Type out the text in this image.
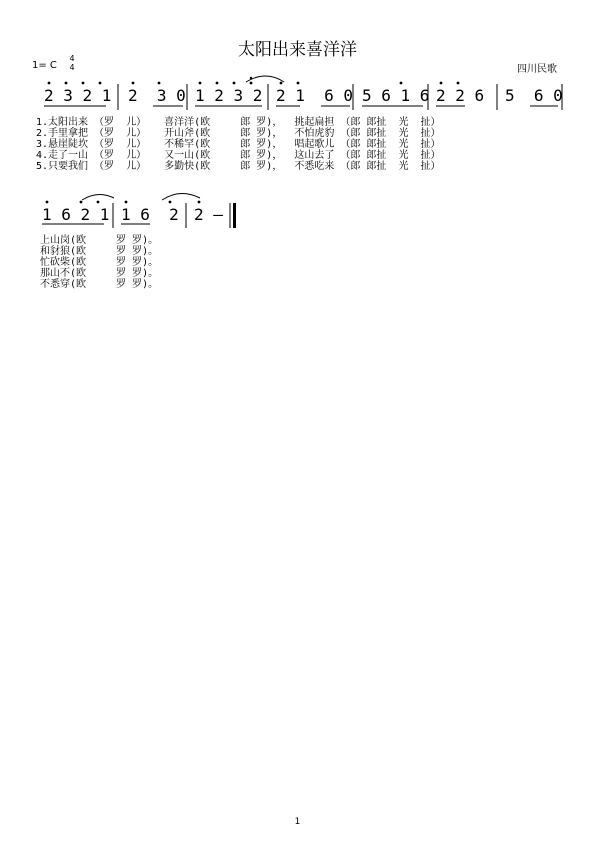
太阳出来喜洋洋
1= C
4
4	四川民歌
2 3 2 1 2  3 0 1 2 3 2 2 1  6 0 5 6 1 6 2 2 6 5  6 0
1.太阳出来 （罗  儿）   喜洋洋(欧     郎 罗)，  挑起扁担 （郎 郎扯  光  扯）
2.手里拿把 （罗  儿）   开山斧(欧     郎 罗)，  不怕虎豹 （郎 郎扯  光  扯）
3.悬崖陡坎 （罗  儿）   不稀罕(欧     郎 罗)，  唱起歌儿 （郎 郎扯  光  扯）
4.走了一山 （罗  儿）   又一山(欧     郎 罗)，  这山去了 （郎 郎扯  光  扯）
5.只要我们 （罗  儿）   多勤快(欧     郎 罗)，  不悉吃来 （郎 郎扯  光  扯）
1 6 2 1 1 6  2 2 –
上山岗(欧     罗 罗)。
和豺狼(欧     罗 罗)。
忙砍柴(欧     罗 罗)。
那山不(欧     罗 罗)。
不悉穿(欧     罗 罗)。
1
